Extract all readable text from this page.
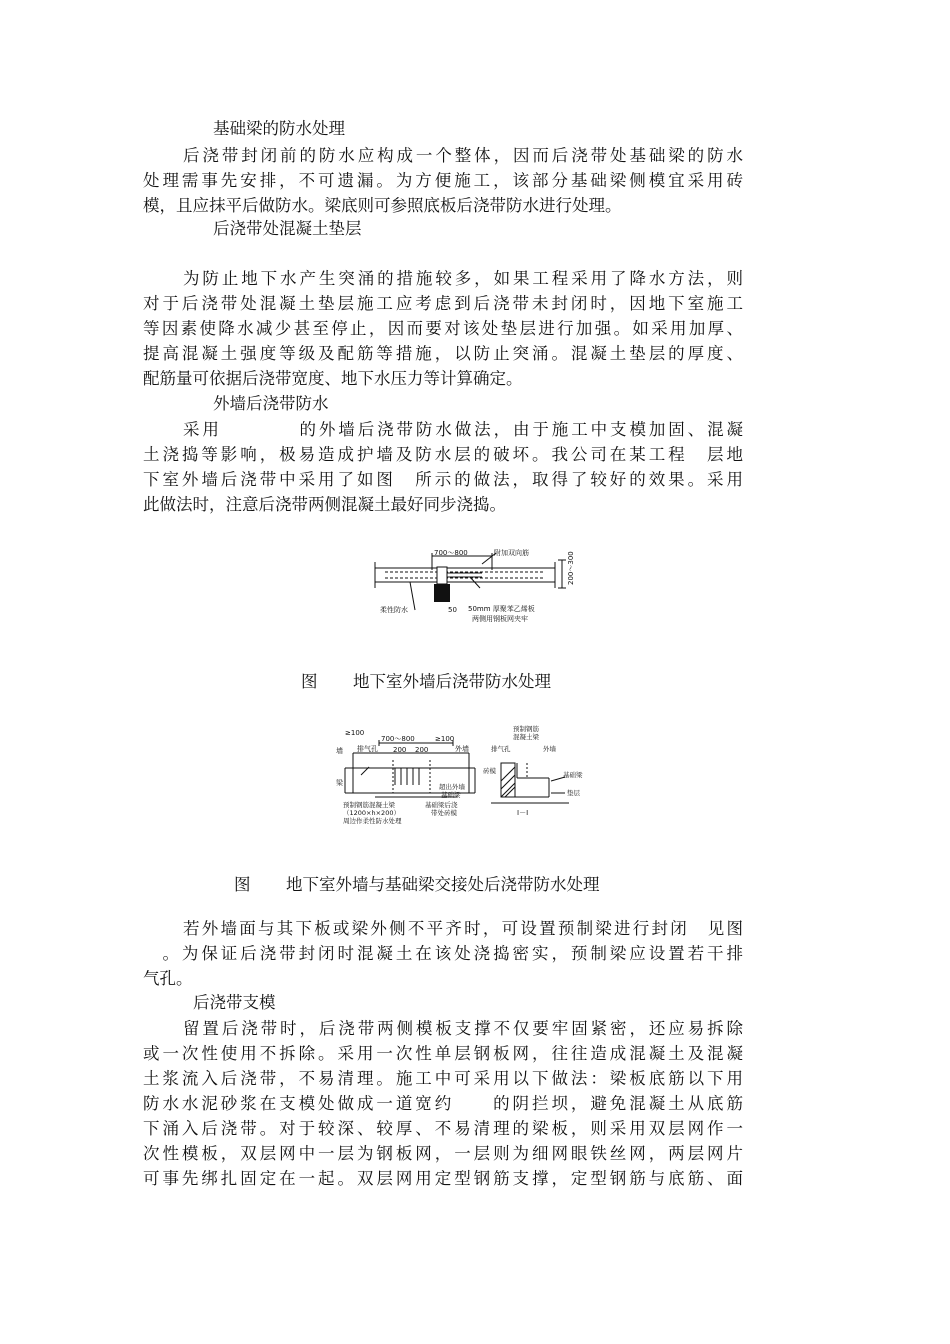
基础梁的防水处理
后浇带封闭前的防水应构成一个整体，因而后浇带处基础梁的防水
处理需事先安排，不可遗漏。为方便施工，该部分基础梁侧模宜采用砖
模，且应抹平后做防水。梁底则可参照底板后浇带防水进行处理。
后浇带处混凝土垫层
为防止地下水产生突涌的措施较多，如果工程采用了降水方法，则
对于后浇带处混凝土垫层施工应考虑到后浇带未封闭时，因地下室施工
等因素使降水减少甚至停止，因而要对该处垫层进行加强。如采用加厚、
提高混凝土强度等级及配筋等措施，以防止突涌。混凝土垫层的厚度、
配筋量可依据后浇带宽度、地下水压力等计算确定。
外墙后浇带防水
采用　　　　的外墙后浇带防水做法，由于施工中支模加固、混凝
土浇捣等影响，极易造成护墙及防水层的破坏。我公司在某工程　层地
下室外墙后浇带中采用了如图　所示的做法，取得了较好的效果。采用
此做法时，注意后浇带两侧混凝土最好同步浇捣。
700～800	附加双向筋	200～300
柔性防水	50 50mm 厚聚苯乙烯板
两侧用钢板网夹牢
图 地下室外墙后浇带防水处理
≥100
700～800	≥100
200 200
排气孔	外墙
墙
梁
预制钢筋混凝土梁
（1200×h×200）
周边作柔性防水处理
超出外墙
基础梁
基础梁后浇
带处砖模
预制钢筋
混凝土梁
排气孔	外墙
砖模	基础梁
垫层
I－I
图 地下室外墙与基础梁交接处后浇带防水处理
若外墙面与其下板或梁外侧不平齐时，可设置预制梁进行封闭　见图
　。为保证后浇带封闭时混凝土在该处浇捣密实，预制梁应设置若干排
气孔。
后浇带支模
留置后浇带时，后浇带两侧模板支撑不仅要牢固紧密，还应易拆除
或一次性使用不拆除。采用一次性单层钢板网，往往造成混凝土及混凝
土浆流入后浇带，不易清理。施工中可采用以下做法：梁板底筋以下用
防水水泥砂浆在支模处做成一道宽约　　的阴拦坝，避免混凝土从底筋
下涌入后浇带。对于较深、较厚、不易清理的梁板，则采用双层网作一
次性模板，双层网中一层为钢板网，一层则为细网眼铁丝网，两层网片
可事先绑扎固定在一起。双层网用定型钢筋支撑，定型钢筋与底筋、面
